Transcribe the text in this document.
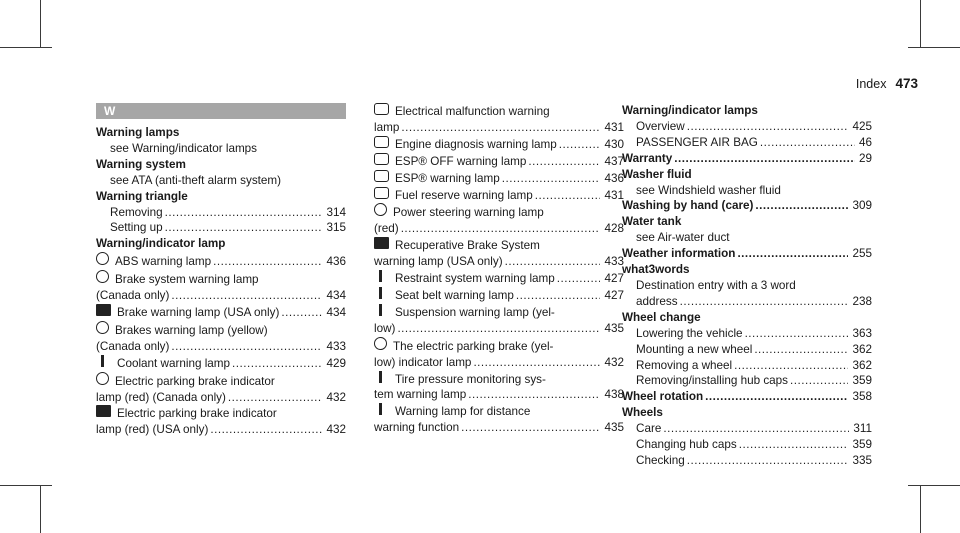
Index 473
W
Warning lamps
see Warning/indicator lamps
Warning system
see ATA (anti-theft alarm system)
Warning triangle
Removing .....	314
Setting up .....	315
Warning/indicator lamp
ABS warning lamp .....	436
Brake system warning lamp
(Canada only) .....	434
Brake warning lamp (USA only) .....	434
Brakes warning lamp (yellow)
(Canada only) .....	433
Coolant warning lamp .....	429
Electric parking brake indicator
lamp (red) (Canada only) .....	432
Electric parking brake indicator
lamp (red) (USA only) .....	432
Electrical malfunction warning
lamp .....	431
Engine diagnosis warning lamp .....	430
ESP® OFF warning lamp .....	437
ESP® warning lamp .....	436
Fuel reserve warning lamp .....	431
Power steering warning lamp
(red) .....	428
Recuperative Brake System
warning lamp (USA only) .....	433
Restraint system warning lamp .....	427
Seat belt warning lamp .....	427
Suspension warning lamp (yel-
low) .....	435
The electric parking brake (yel-
low) indicator lamp .....	432
Tire pressure monitoring sys-
tem warning lamp .....	438
Warning lamp for distance
warning function .....	435
Warning/indicator lamps
Overview .....	425
PASSENGER AIR BAG .....	46
Warranty .....	29
Washer fluid
see Windshield washer fluid
Washing by hand (care) .....	309
Water tank
see Air-water duct
Weather information .....	255
what3words
Destination entry with a 3 word
address .....	238
Wheel change
Lowering the vehicle .....	363
Mounting a new wheel .....	362
Removing a wheel .....	362
Removing/installing hub caps .....	359
Wheel rotation .....	358
Wheels
Care .....	311
Changing hub caps .....	359
Checking .....	335
